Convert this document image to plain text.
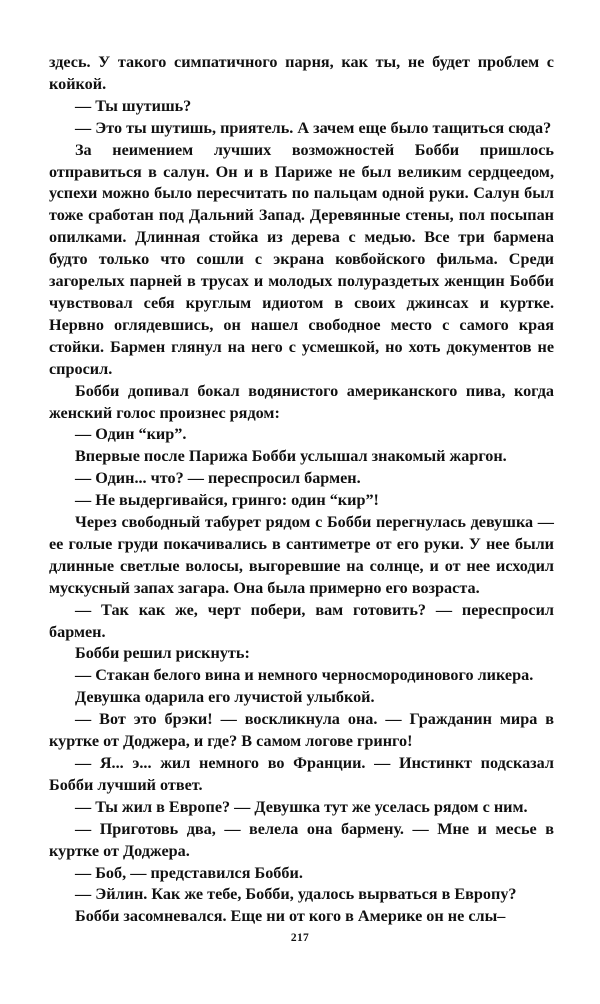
здесь. У такого симпатичного парня, как ты, не будет проблем с койкой.

— Ты шутишь?

— Это ты шутишь, приятель. А зачем еще было тащиться сюда?

За неимением лучших возможностей Бобби пришлось отправиться в салун. Он и в Париже не был великим сердцеедом, успехи можно было пересчитать по пальцам одной руки. Салун был тоже сработан под Дальний Запад. Деревянные стены, пол посыпан опилками. Длинная стойка из дерева с медью. Все три бармена будто только что сошли с экрана ковбойского фильма. Среди загорелых парней в трусах и молодых полураздетых женщин Бобби чувствовал себя круглым идиотом в своих джинсах и куртке. Нервно оглядевшись, он нашел свободное место с самого края стойки. Бармен глянул на него с усмешкой, но хоть документов не спросил.

Бобби допивал бокал водянистого американского пива, когда женский голос произнес рядом:

— Один “кир”.

Впервые после Парижа Бобби услышал знакомый жаргон.

— Один... что? — переспросил бармен.

— Не выдергивайся, гринго: один “кир”!

Через свободный табурет рядом с Бобби перегнулась девушка — ее голые груди покачивались в сантиметре от его руки. У нее были длинные светлые волосы, выгоревшие на солнце, и от нее исходил мускусный запах загара. Она была примерно его возраста.

— Так как же, черт побери, вам готовить? — переспросил бармен.

Бобби решил рискнуть:

— Стакан белого вина и немного черносмородинового ликера.

Девушка одарила его лучистой улыбкой.

— Вот это брэки! — воскликнула она. — Гражданин мира в куртке от Доджера, и где? В самом логове гринго!

— Я... э... жил немного во Франции. — Инстинкт подсказал Бобби лучший ответ.

— Ты жил в Европе? — Девушка тут же уселась рядом с ним.

— Приготовь два, — велела она бармену. — Мне и месье в куртке от Доджера.

— Боб, — представился Бобби.

— Эйлин. Как же тебе, Бобби, удалось вырваться в Европу?

Бобби засомневался. Еще ни от кого в Америке он не слы–

217
